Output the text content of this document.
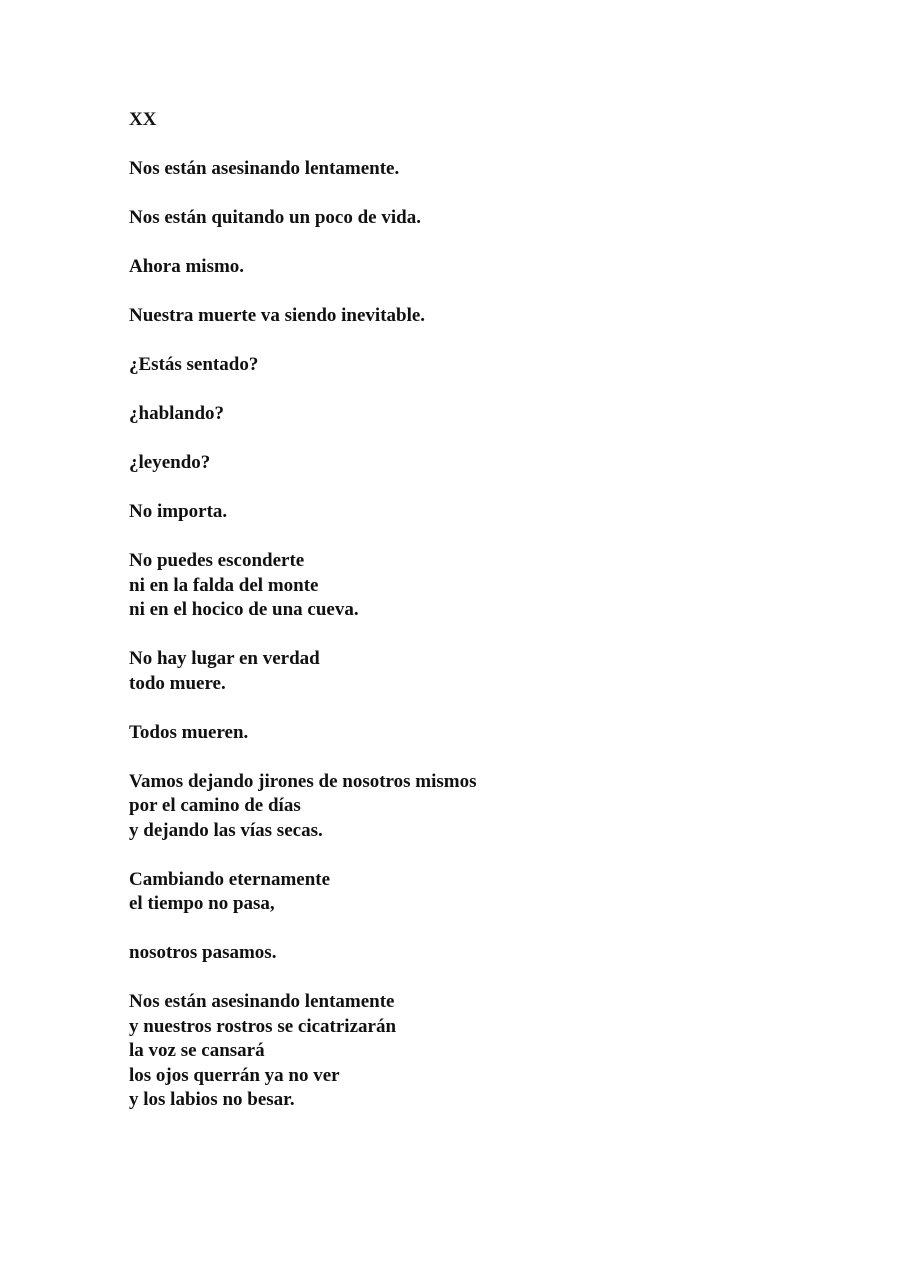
XX
Nos están asesinando lentamente.
Nos están quitando un poco de vida.
Ahora mismo.
Nuestra muerte va siendo inevitable.
¿Estás sentado?
¿hablando?
¿leyendo?
No importa.
No puedes esconderte
ni en la falda del monte
ni en el hocico de una cueva.
No hay lugar en verdad
todo muere.
Todos mueren.
Vamos dejando jirones de nosotros mismos
por el camino de días
y dejando las vías secas.
Cambiando eternamente
el tiempo no pasa,
nosotros pasamos.
Nos están asesinando lentamente
y nuestros rostros se cicatrizarán
la voz se cansará
los ojos querrán ya no ver
y los labios no besar.
